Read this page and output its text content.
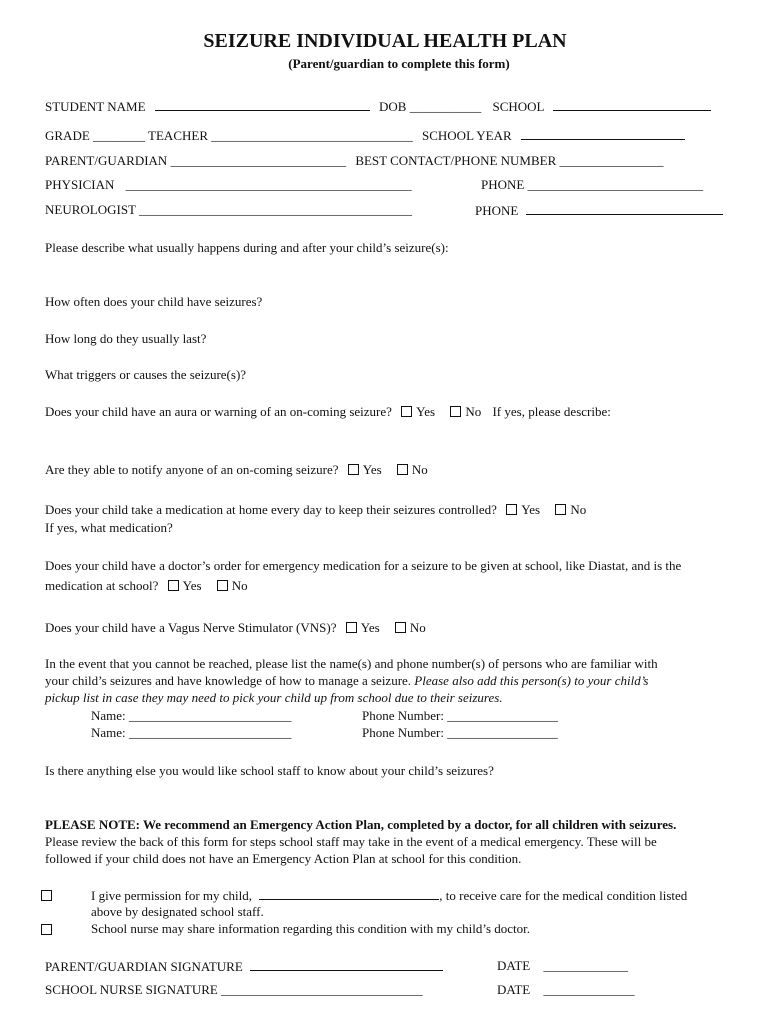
SEIZURE INDIVIDUAL HEALTH PLAN
(Parent/guardian to complete this form)
STUDENT NAME	DOB ___________ SCHOOL
GRADE ________ TEACHER _______________________________ SCHOOL YEAR
PARENT/GUARDIAN ___________________________ BEST CONTACT/PHONE NUMBER ________________
PHYSICIAN ____________________________________________	PHONE ___________________________
NEUROLOGIST __________________________________________	PHONE
Please describe what usually happens during and after your child’s seizure(s):
How often does your child have seizures?
How long do they usually last?
What triggers or causes the seizure(s)?
Does your child have an aura or warning of an on-coming seizure? Yes No If yes, please describe:
Are they able to notify anyone of an on-coming seizure? Yes No
Does your child take a medication at home every day to keep their seizures controlled? Yes No
If yes, what medication?
Does your child have a doctor’s order for emergency medication for a seizure to be given at school, like Diastat, and is the
medication at school? Yes No
Does your child have a Vagus Nerve Stimulator (VNS)? Yes No
In the event that you cannot be reached, please list the name(s) and phone number(s) of persons who are familiar with
your child’s seizures and have knowledge of how to manage a seizure. Please also add this person(s) to your child’s
pickup list in case they may need to pick your child up from school due to their seizures.
Name: _________________________	Phone Number: _________________
Name: _________________________	Phone Number: _________________
Is there anything else you would like school staff to know about your child’s seizures?
PLEASE NOTE: We recommend an Emergency Action Plan, completed by a doctor, for all children with seizures.
Please review the back of this form for steps school staff may take in the event of a medical emergency. These will be
followed if your child does not have an Emergency Action Plan at school for this condition.
I give permission for my child,	, to receive care for the medical condition listed
above by designated school staff.
School nurse may share information regarding this condition with my child’s doctor.
PARENT/GUARDIAN SIGNATURE	DATE _____________
SCHOOL NURSE SIGNATURE _______________________________	DATE ______________
